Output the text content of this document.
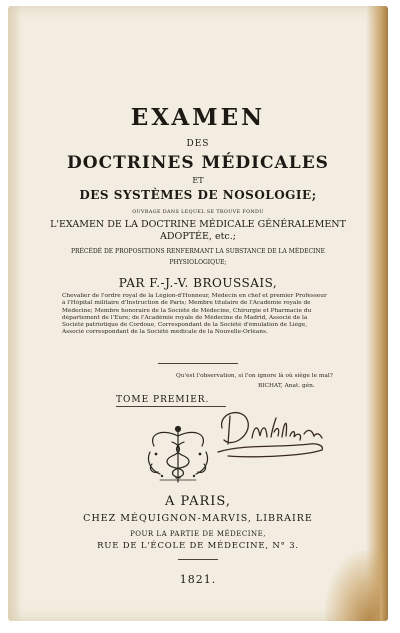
EXAMEN
DES
DOCTRINES MÉDICALES
ET
DES SYSTÈMES DE NOSOLOGIE;
OUVRAGE DANS LEQUEL SE TROUVE FONDU
L'EXAMEN DE LA DOCTRINE MÉDICALE GÉNÉRALEMENT
ADOPTÉE, etc.;
PRÉCÉDÉ DE PROPOSITIONS RENFERMANT LA SUBSTANCE DE LA MÉDECINE
PHYSIOLOGIQUE;
PAR F.-J.-V. BROUSSAIS,
Chevalier de l'ordre royal de la Légion-d'Honneur, Médecin en chef et premier Professeur
à l'Hôpital militaire d'Instruction de Paris; Membre titulaire de l'Académie royale de
Médecine; Membre honoraire de la Société de Médecine, Chirurgie et Pharmacie du
département de l'Eure; de l'Académie royale de Médecine de Madrid, Associé de la
Société patriotique de Cordoue, Correspondant de la Société d'émulation de Liége,
Associé correspondant de la Société médicale de la Nouvelle-Orléans.
Qu'est l'observation, si l'on ignore là où siège le mal?
BICHAT, Anat. gén.
TOME PREMIER.
A PARIS,
CHEZ MÉQUIGNON-MARVIS, LIBRAIRE
POUR LA PARTIE DE MÉDECINE,
RUE DE L'ÉCOLE DE MÉDECINE, N° 3.
1821.
